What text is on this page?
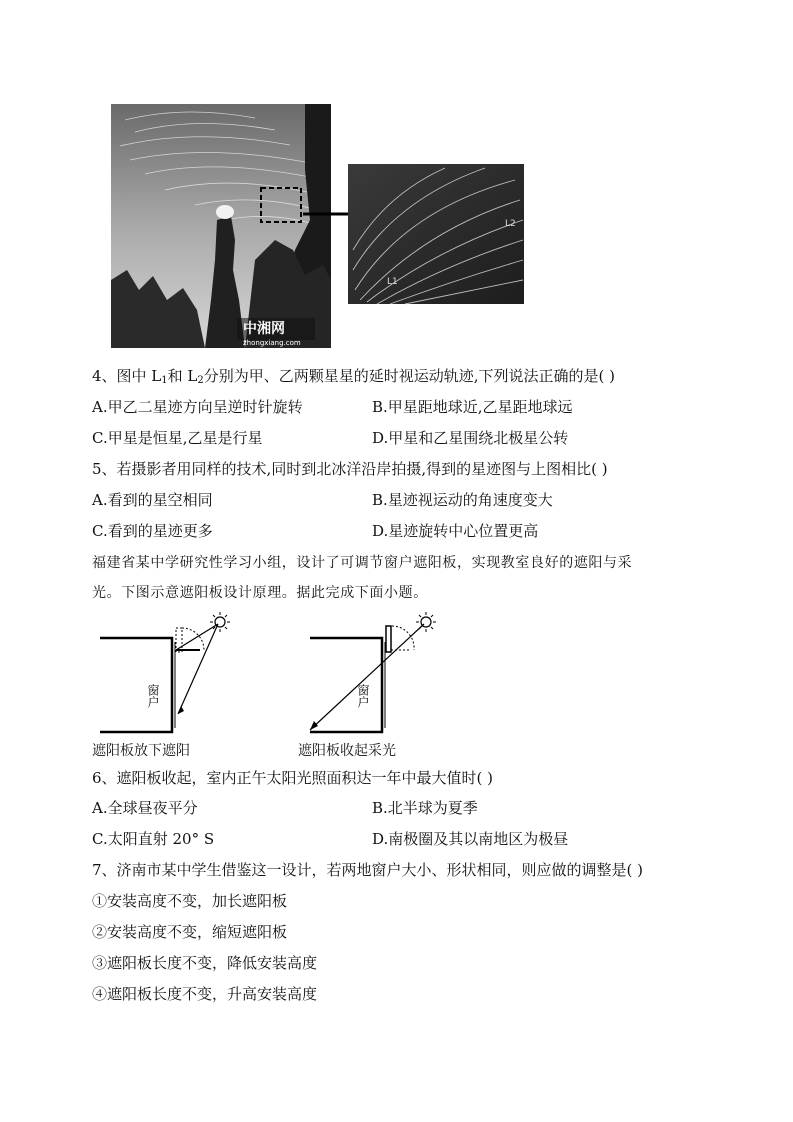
中湘网
zhongxiang.com
L1
L2
4、图中 $L_1$和 $L_2$分别为甲、乙两颗星星的延时视运动轨迹,下列说法正确的是( )
A.甲乙二星迹方向呈逆时针旋转	B.甲星距地球近,乙星距地球远
C.甲星是恒星,乙星是行星	D.甲星和乙星围绕北极星公转
5、若摄影者用同样的技术,同时到北冰洋沿岸拍摄,得到的星迹图与上图相比( )
A.看到的星空相同	B.星迹视运动的角速度变大
C.看到的星迹更多	D.星迹旋转中心位置更高
福建省某中学研究性学习小组，设计了可调节窗户遮阳板，实现教室良好的遮阳与采
光。下图示意遮阳板设计原理。据此完成下面小题。
窗户	窗户
遮阳板放下遮阳	遮阳板收起采光
6、遮阳板收起，室内正午太阳光照面积达一年中最大值时( )
A.全球昼夜平分	B.北半球为夏季
C.太阳直射 20° S	D.南极圈及其以南地区为极昼
7、济南市某中学生借鉴这一设计，若两地窗户大小、形状相同，则应做的调整是( )
①安装高度不变，加长遮阳板
②安装高度不变，缩短遮阳板
③遮阳板长度不变，降低安装高度
④遮阳板长度不变，升高安装高度
